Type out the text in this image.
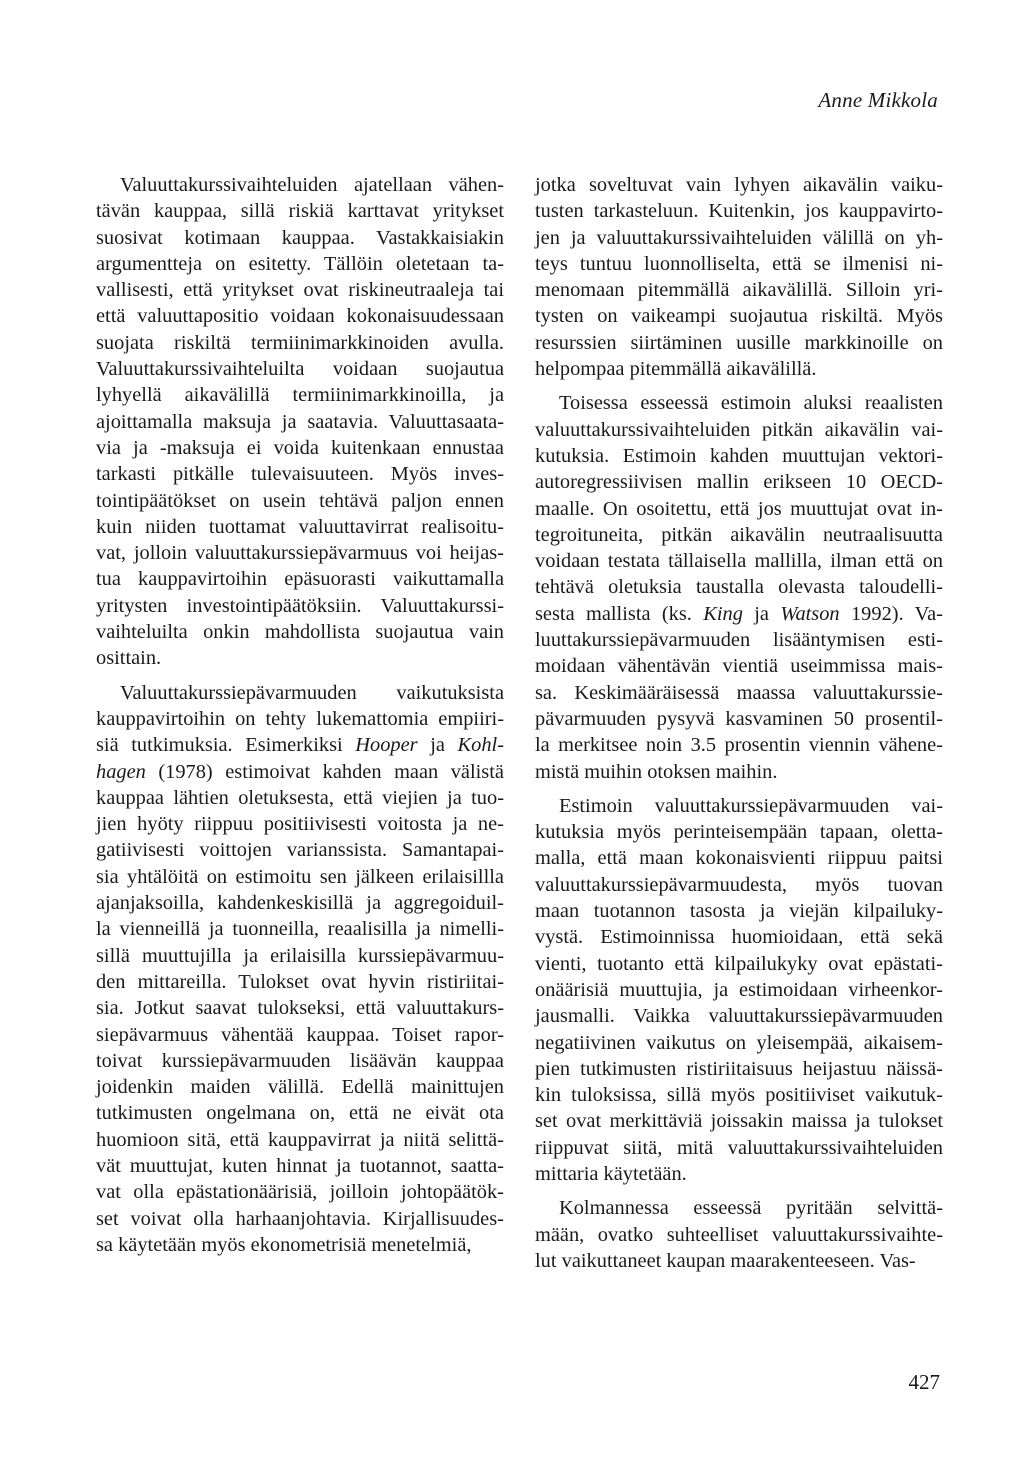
Anne Mikkola
Valuuttakurssivaihteluiden ajatellaan vähen-
tävän kauppaa, sillä riskiä karttavat yritykset
suosivat kotimaan kauppaa. Vastakkaisiakin
argumentteja on esitetty. Tällöin oletetaan ta-
vallisesti, että yritykset ovat riskineutraaleja tai
että valuuttapositio voidaan kokonaisuudessaan
suojata riskiltä termiinimarkkinoiden avulla.
Valuuttakurssivaihteluilta voidaan suojautua
lyhyellä aikavälillä termiinimarkkinoilla, ja
ajoittamalla maksuja ja saatavia. Valuuttasaata-
via ja -maksuja ei voida kuitenkaan ennustaa
tarkasti pitkälle tulevaisuuteen. Myös inves-
tointipäätökset on usein tehtävä paljon ennen
kuin niiden tuottamat valuuttavirrat realisoitu-
vat, jolloin valuuttakurssiepävarmuus voi heijas-
tua kauppavirtoihin epäsuorasti vaikuttamalla
yritysten investointipäätöksiin. Valuuttakurssi-
vaihteluilta onkin mahdollista suojautua vain
osittain.
Valuuttakurssiepävarmuuden vaikutuksista
kauppavirtoihin on tehty lukemattomia empiiri-
siä tutkimuksia. Esimerkiksi Hooper ja Kohl-
hagen (1978) estimoivat kahden maan välistä
kauppaa lähtien oletuksesta, että viejien ja tuo-
jien hyöty riippuu positiivisesti voitosta ja ne-
gatiivisesti voittojen varianssista. Samantapai-
sia yhtälöitä on estimoitu sen jälkeen erilaisillla
ajanjaksoilla, kahdenkeskisillä ja aggregoiduil-
la vienneillä ja tuonneilla, reaalisilla ja nimelli-
sillä muuttujilla ja erilaisilla kurssiepävarmuu-
den mittareilla. Tulokset ovat hyvin ristiriitai-
sia. Jotkut saavat tulokseksi, että valuuttakurs-
siepävarmuus vähentää kauppaa. Toiset rapor-
toivat kurssiepävarmuuden lisäävän kauppaa
joidenkin maiden välillä. Edellä mainittujen
tutkimusten ongelmana on, että ne eivät ota
huomioon sitä, että kauppavirrat ja niitä selittä-
vät muuttujat, kuten hinnat ja tuotannot, saatta-
vat olla epästationäärisiä, joilloin johtopäätök-
set voivat olla harhaanjohtavia. Kirjallisuudes-
sa käytetään myös ekonometrisiä menetelmiä,
jotka soveltuvat vain lyhyen aikavälin vaiku-
tusten tarkasteluun. Kuitenkin, jos kauppavirto-
jen ja valuuttakurssivaihteluiden välillä on yh-
teys tuntuu luonnolliselta, että se ilmenisi ni-
menomaan pitemmällä aikavälillä. Silloin yri-
tysten on vaikeampi suojautua riskiltä. Myös
resurssien siirtäminen uusille markkinoille on
helpompaa pitemmällä aikavälillä.
Toisessa esseessä estimoin aluksi reaalisten
valuuttakurssivaihteluiden pitkän aikavälin vai-
kutuksia. Estimoin kahden muuttujan vektori-
autoregressiivisen mallin erikseen 10 OECD-
maalle. On osoitettu, että jos muuttujat ovat in-
tegroituneita, pitkän aikavälin neutraalisuutta
voidaan testata tällaisella mallilla, ilman että on
tehtävä oletuksia taustalla olevasta taloudelli-
sesta mallista (ks. King ja Watson 1992). Va-
luuttakurssiepävarmuuden lisääntymisen esti-
moidaan vähentävän vientiä useimmissa mais-
sa. Keskimääräisessä maassa valuuttakurssie-
pävarmuuden pysyvä kasvaminen 50 prosentil-
la merkitsee noin 3.5 prosentin viennin vähene-
mistä muihin otoksen maihin.
Estimoin valuuttakurssiepävarmuuden vai-
kutuksia myös perinteisempään tapaan, oletta-
malla, että maan kokonaisvienti riippuu paitsi
valuuttakurssiepävarmuudesta, myös tuovan
maan tuotannon tasosta ja viejän kilpailuky-
vystä. Estimoinnissa huomioidaan, että sekä
vienti, tuotanto että kilpailukyky ovat epästati-
onäärisiä muuttujia, ja estimoidaan virheenkor-
jausmalli. Vaikka valuuttakurssiepävarmuuden
negatiivinen vaikutus on yleisempää, aikaisem-
pien tutkimusten ristiriitaisuus heijastuu näissä-
kin tuloksissa, sillä myös positiiviset vaikutuk-
set ovat merkittäviä joissakin maissa ja tulokset
riippuvat siitä, mitä valuuttakurssivaihteluiden
mittaria käytetään.
Kolmannessa esseessä pyritään selvittä-
mään, ovatko suhteelliset valuuttakurssivaihte-
lut vaikuttaneet kaupan maarakenteeseen. Vas-
427
